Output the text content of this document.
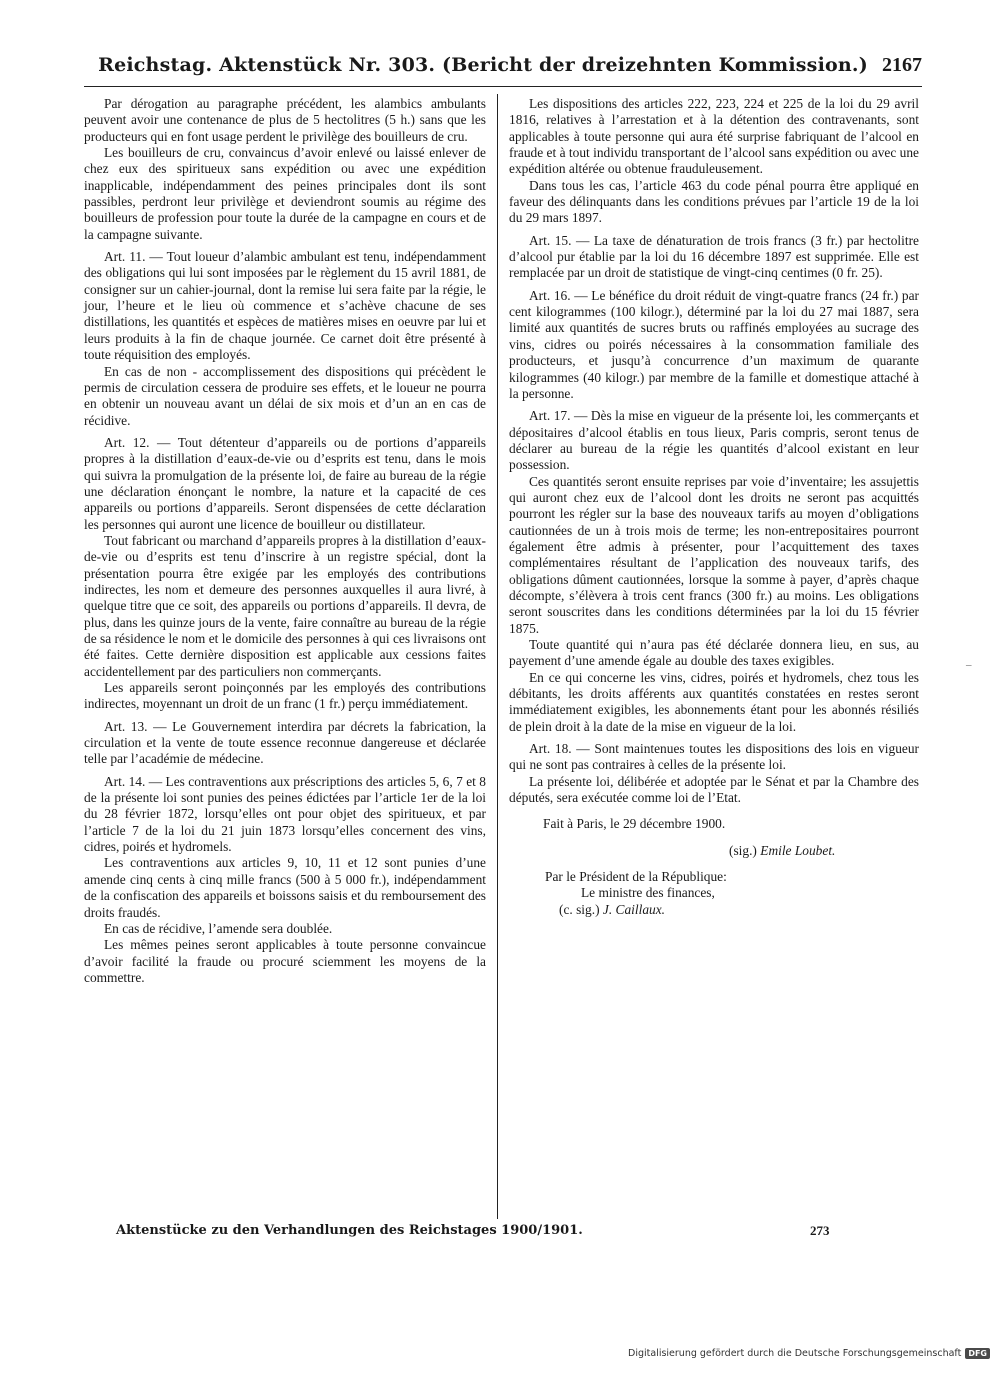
Reichstag. Aktenstück Nr. 303. (Bericht der dreizehnten Kommission.) 2167

Par dérogation au paragraphe précédent, les alambics ambulants peuvent avoir une contenance de plus de 5 hectolitres (5 h.) sans que les producteurs qui en font usage perdent le privilège des bouilleurs de cru.

Les bouilleurs de cru, convaincus d’avoir enlevé ou laissé enlever de chez eux des spiritueux sans expédition ou avec une expédition inapplicable, indépendamment des peines principales dont ils sont passibles, perdront leur privilège et deviendront soumis au régime des bouilleurs de profession pour toute la durée de la campagne en cours et de la campagne suivante.

Art. 11. — Tout loueur d’alambic ambulant est tenu, indépendamment des obligations qui lui sont imposées par le règlement du 15 avril 1881, de consigner sur un cahier-journal, dont la remise lui sera faite par la régie, le jour, l’heure et le lieu où commence et s’achève chacune de ses distillations, les quantités et espèces de matières mises en oeuvre par lui et leurs produits à la fin de chaque journée. Ce carnet doit être présenté à toute réquisition des employés.

En cas de non - accomplissement des dispositions qui précèdent le permis de circulation cessera de produire ses effets, et le loueur ne pourra en obtenir un nouveau avant un délai de six mois et d’un an en cas de récidive.

Art. 12. — Tout détenteur d’appareils ou de portions d’appareils propres à la distillation d’eaux-de-vie ou d’esprits est tenu, dans le mois qui suivra la promulgation de la présente loi, de faire au bureau de la régie une déclaration énonçant le nombre, la nature et la capacité de ces appareils ou portions d’appareils. Seront dispensées de cette déclaration les personnes qui auront une licence de bouilleur ou distillateur.

Tout fabricant ou marchand d’appareils propres à la distillation d’eaux-de-vie ou d’esprits est tenu d’inscrire à un registre spécial, dont la présentation pourra être exigée par les employés des contributions indirectes, les nom et demeure des personnes auxquelles il aura livré, à quelque titre que ce soit, des appareils ou portions d’appareils. Il devra, de plus, dans les quinze jours de la vente, faire connaître au bureau de la régie de sa résidence le nom et le domicile des personnes à qui ces livraisons ont été faites. Cette dernière disposition est applicable aux cessions faites accidentellement par des particuliers non commerçants.

Les appareils seront poinçonnés par les employés des contributions indirectes, moyennant un droit de un franc (1 fr.) perçu immédiatement.

Art. 13. — Le Gouvernement interdira par décrets la fabrication, la circulation et la vente de toute essence reconnue dangereuse et déclarée telle par l’académie de médecine.

Art. 14. — Les contraventions aux préscriptions des articles 5, 6, 7 et 8 de la présente loi sont punies des peines édictées par l’article 1er de la loi du 28 février 1872, lorsqu’elles ont pour objet des spiritueux, et par l’article 7 de la loi du 21 juin 1873 lorsqu’elles concernent des vins, cidres, poirés et hydromels.

Les contraventions aux articles 9, 10, 11 et 12 sont punies d’une amende cinq cents à cinq mille francs (500 à 5 000 fr.), indépendamment de la confiscation des appareils et boissons saisis et du remboursement des droits fraudés.

En cas de récidive, l’amende sera doublée.

Les mêmes peines seront applicables à toute personne convaincue d’avoir facilité la fraude ou procuré sciemment les moyens de la commettre.

Les dispositions des articles 222, 223, 224 et 225 de la loi du 29 avril 1816, relatives à l’arrestation et à la détention des contravenants, sont applicables à toute personne qui aura été surprise fabriquant de l’alcool en fraude et à tout individu transportant de l’alcool sans expédition ou avec une expédition altérée ou obtenue frauduleusement.

Dans tous les cas, l’article 463 du code pénal pourra être appliqué en faveur des délinquants dans les conditions prévues par l’article 19 de la loi du 29 mars 1897.

Art. 15. — La taxe de dénaturation de trois francs (3 fr.) par hectolitre d’alcool pur établie par la loi du 16 décembre 1897 est supprimée. Elle est remplacée par un droit de statistique de vingt-cinq centimes (0 fr. 25).

Art. 16. — Le bénéfice du droit réduit de vingt-quatre francs (24 fr.) par cent kilogrammes (100 kilogr.), déterminé par la loi du 27 mai 1887, sera limité aux quantités de sucres bruts ou raffinés employées au sucrage des vins, cidres ou poirés nécessaires à la consommation familiale des producteurs, et jusqu’à concurrence d’un maximum de quarante kilogrammes (40 kilogr.) par membre de la famille et domestique attaché à la personne.

Art. 17. — Dès la mise en vigueur de la présente loi, les commerçants et dépositaires d’alcool établis en tous lieux, Paris compris, seront tenus de déclarer au bureau de la régie les quantités d’alcool existant en leur possession.

Ces quantités seront ensuite reprises par voie d’inventaire; les assujettis qui auront chez eux de l’alcool dont les droits ne seront pas acquittés pourront les régler sur la base des nouveaux tarifs au moyen d’obligations cautionnées de un à trois mois de terme; les non-entrepositaires pourront également être admis à présenter, pour l’acquittement des taxes complémentaires résultant de l’application des nouveaux tarifs, des obligations dûment cautionnées, lorsque la somme à payer, d’après chaque décompte, s’élèvera à trois cent francs (300 fr.) au moins. Les obligations seront souscrites dans les conditions déterminées par la loi du 15 février 1875.

Toute quantité qui n’aura pas été déclarée donnera lieu, en sus, au payement d’une amende égale au double des taxes exigibles.

En ce qui concerne les vins, cidres, poirés et hydromels, chez tous les débitants, les droits afférents aux quantités constatées en restes seront immédiatement exigibles, les abonnements étant pour les abonnés résiliés de plein droit à la date de la mise en vigueur de la loi.

Art. 18. — Sont maintenues toutes les dispositions des lois en vigueur qui ne sont pas contraires à celles de la présente loi.

La présente loi, délibérée et adoptée par le Sénat et par la Chambre des députés, sera exécutée comme loi de l’Etat.

Fait à Paris, le 29 décembre 1900.
(sig.) Emile Loubet.
Par le Président de la République:
Le ministre des finances,
(c. sig.) J. Caillaux.
Aktenstücke zu den Verhandlungen des Reichstages 1900/1901.	273
–
Digitalisierung gefördert durch die Deutsche Forschungsgemeinschaft DFG
